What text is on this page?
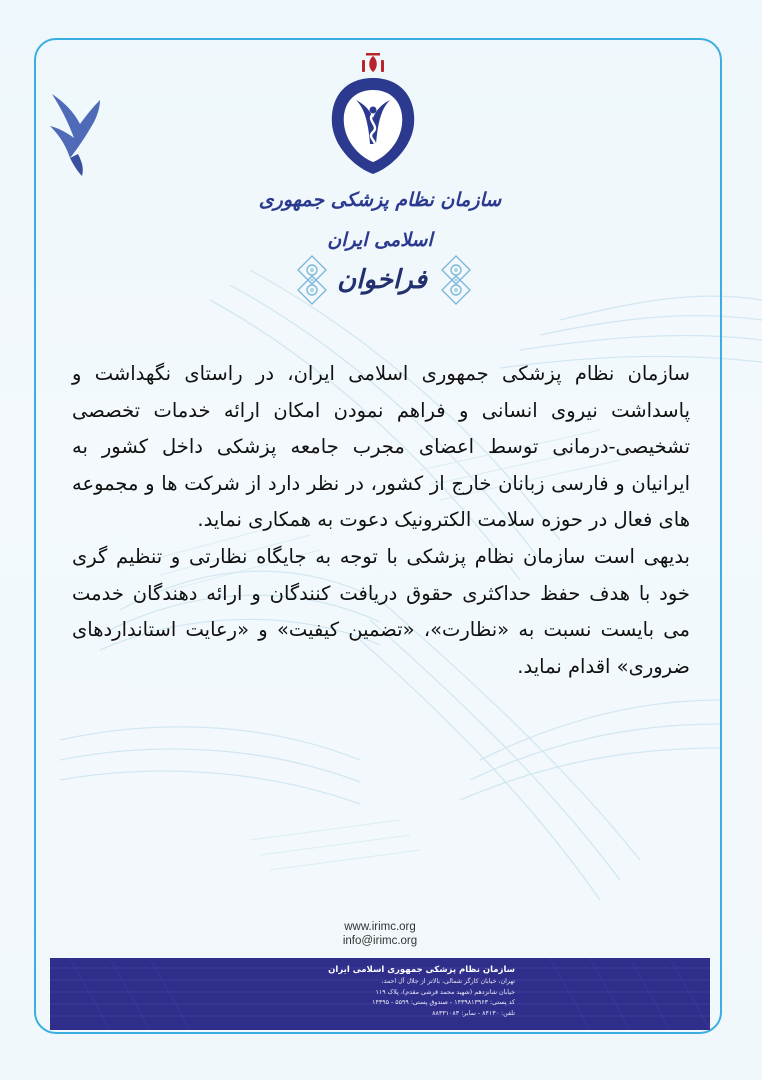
سازمان نظام پزشکی جمهوری اسلامی ایران
فراخوان

سازمان نظام پزشکی جمهوری اسلامی ایران، در راستای نگهداشت و پاسداشت نیروی انسانی و فراهم نمودن امکان ارائه خدمات تخصصی تشخیصی-درمانی توسط اعضای مجرب جامعه پزشکی داخل کشور به ایرانیان و فارسی زبانان خارج از کشور، در نظر دارد از شرکت ها و مجموعه های فعال در حوزه سلامت الکترونیک دعوت به همکاری نماید.

بدیهی است سازمان نظام پزشکی با توجه به جایگاه نظارتی و تنظیم گری خود با هدف حفظ حداکثری حقوق دریافت کنندگان و ارائه دهندگان خدمت می بایست نسبت به «نظارت»، «تضمین کیفیت» و «رعایت استانداردهای ضروری» اقدام نماید.

www.irimc.org
info@irimc.org
سازمان نظام پزشکی جمهوری اسلامی ایران
تهران، خیابان کارگر شمالی، بالاتر از جلال آل احمد،
خیابان شانزدهم (شهید محمد قرشی مقدم)، پلاک ۱۱۹
کد پستی: ۱۴۳۹۸۱۳۹۶۳ - صندوق پستی: ۵۵۹۹ - ۱۴۳۹۵
تلفن: ۸۴۱۳۰ - نمابر: ۸۸۳۳۱۰۸۳
